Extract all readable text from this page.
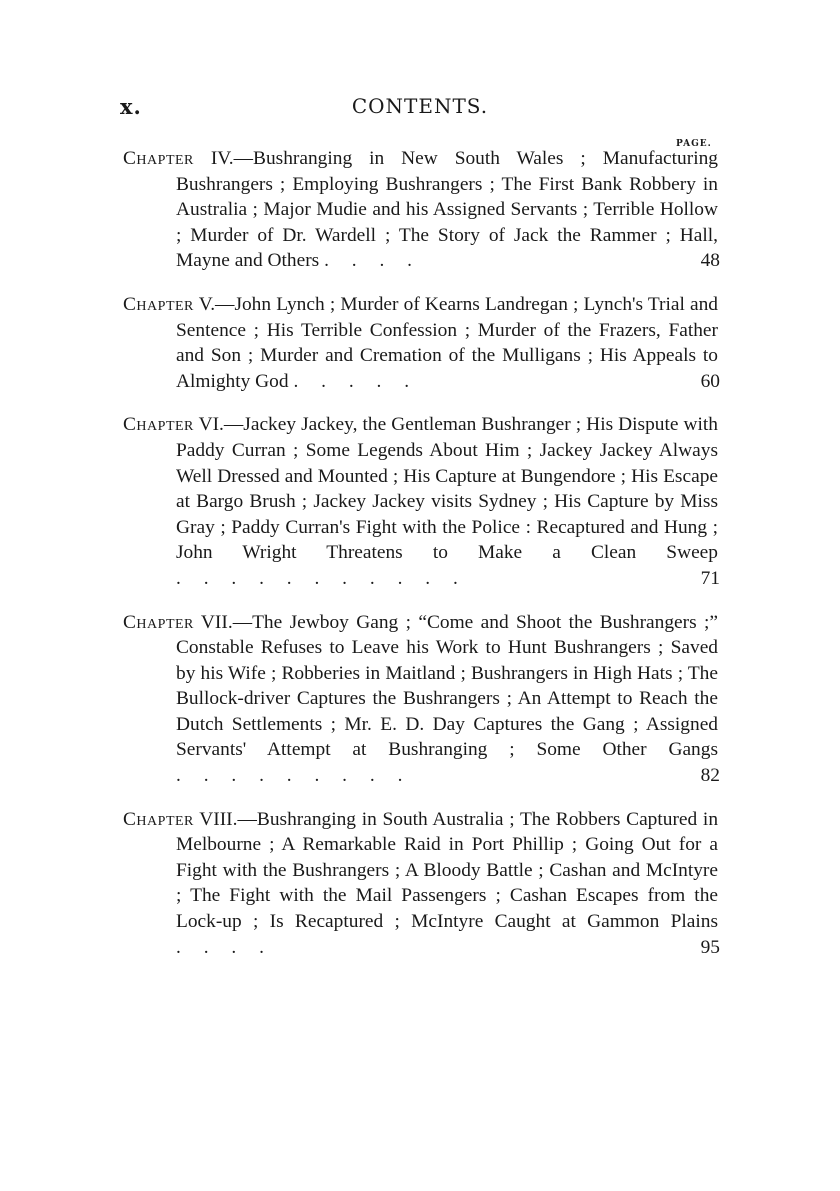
x.	CONTENTS.
PAGE.
Chapter IV.—Bushranging in New South Wales ; Manufacturing Bushrangers ; Employing Bushrangers ; The First Bank Robbery in Australia ; Major Mudie and his Assigned Servants ; Terrible Hollow ; Murder of Dr. Wardell ; The Story of Jack the Rammer ; Hall, Mayne and Others . . . .	48
Chapter V.—John Lynch ; Murder of Kearns Landregan ; Lynch's Trial and Sentence ; His Terrible Confession ; Murder of the Frazers, Father and Son ; Murder and Cremation of the Mulligans ; His Appeals to Almighty God . . . . .	60
Chapter VI.—Jackey Jackey, the Gentleman Bushranger ; His Dispute with Paddy Curran ; Some Legends About Him ; Jackey Jackey Always Well Dressed and Mounted ; His Capture at Bungendore ; His Escape at Bargo Brush ; Jackey Jackey visits Sydney ; His Capture by Miss Gray ; Paddy Curran's Fight with the Police : Recaptured and Hung ; John Wright Threatens to Make a Clean Sweep . . . . . . . . . . .	71
Chapter VII.—The Jewboy Gang ; “Come and Shoot the Bushrangers ;” Constable Refuses to Leave his Work to Hunt Bushrangers ; Saved by his Wife ; Robberies in Maitland ; Bushrangers in High Hats ; The Bullock-driver Captures the Bushrangers ; An Attempt to Reach the Dutch Settlements ; Mr. E. D. Day Captures the Gang ; Assigned Servants' Attempt at Bushranging ; Some Other Gangs . . . . . . . . .	82
Chapter VIII.—Bushranging in South Australia ; The Robbers Captured in Melbourne ; A Remarkable Raid in Port Phillip ; Going Out for a Fight with the Bushrangers ; A Bloody Battle ; Cashan and McIntyre ; The Fight with the Mail Passengers ; Cashan Escapes from the Lock-up ; Is Recaptured ; McIntyre Caught at Gammon Plains . . . .	95
